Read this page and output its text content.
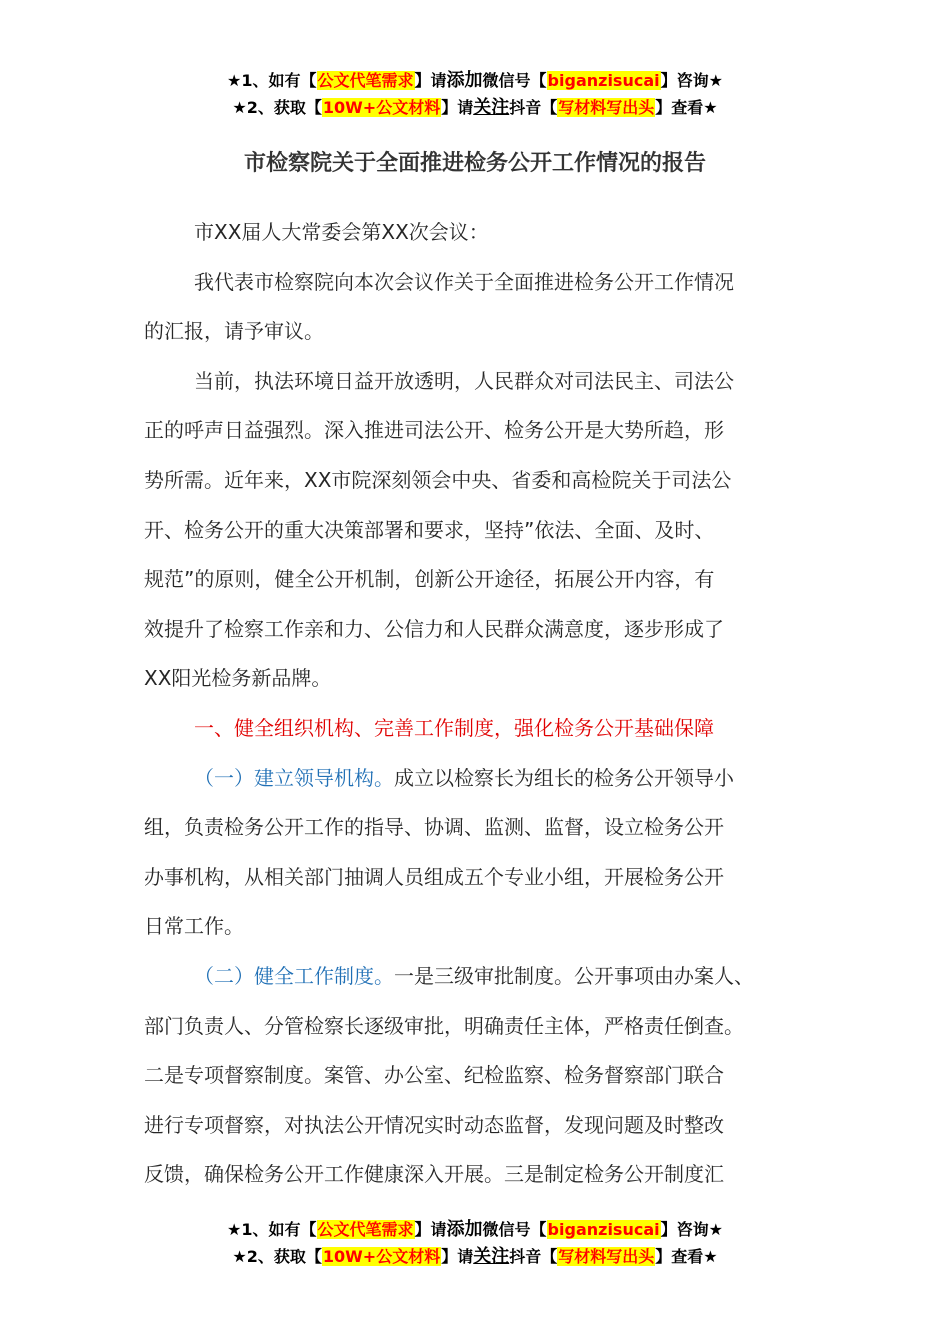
★1、如有【公文代笔需求】请添加微信号【biganzisucai】咨询★
★2、获取【10W+公文材料】请关注抖音【写材料写出头】查看★
市检察院关于全面推进检务公开工作情况的报告

市XX届人大常委会第XX次会议：

我代表市检察院向本次会议作关于全面推进检务公开工作情况

的汇报，请予审议。

当前，执法环境日益开放透明，人民群众对司法民主、司法公

正的呼声日益强烈。深入推进司法公开、检务公开是大势所趋，形

势所需。近年来，XX市院深刻领会中央、省委和高检院关于司法公

开、检务公开的重大决策部署和要求，坚持”依法、全面、及时、

规范”的原则，健全公开机制，创新公开途径，拓展公开内容，有

效提升了检察工作亲和力、公信力和人民群众满意度，逐步形成了

XX阳光检务新品牌。

一、健全组织机构、完善工作制度，强化检务公开基础保障

（一）建立领导机构。成立以检察长为组长的检务公开领导小

组，负责检务公开工作的指导、协调、监测、监督，设立检务公开

办事机构，从相关部门抽调人员组成五个专业小组，开展检务公开

日常工作。

（二）健全工作制度。一是三级审批制度。公开事项由办案人、

部门负责人、分管检察长逐级审批，明确责任主体，严格责任倒查。

二是专项督察制度。案管、办公室、纪检监察、检务督察部门联合

进行专项督察，对执法公开情况实时动态监督，发现问题及时整改

反馈，确保检务公开工作健康深入开展。三是制定检务公开制度汇

★1、如有【公文代笔需求】请添加微信号【biganzisucai】咨询★
★2、获取【10W+公文材料】请关注抖音【写材料写出头】查看★
